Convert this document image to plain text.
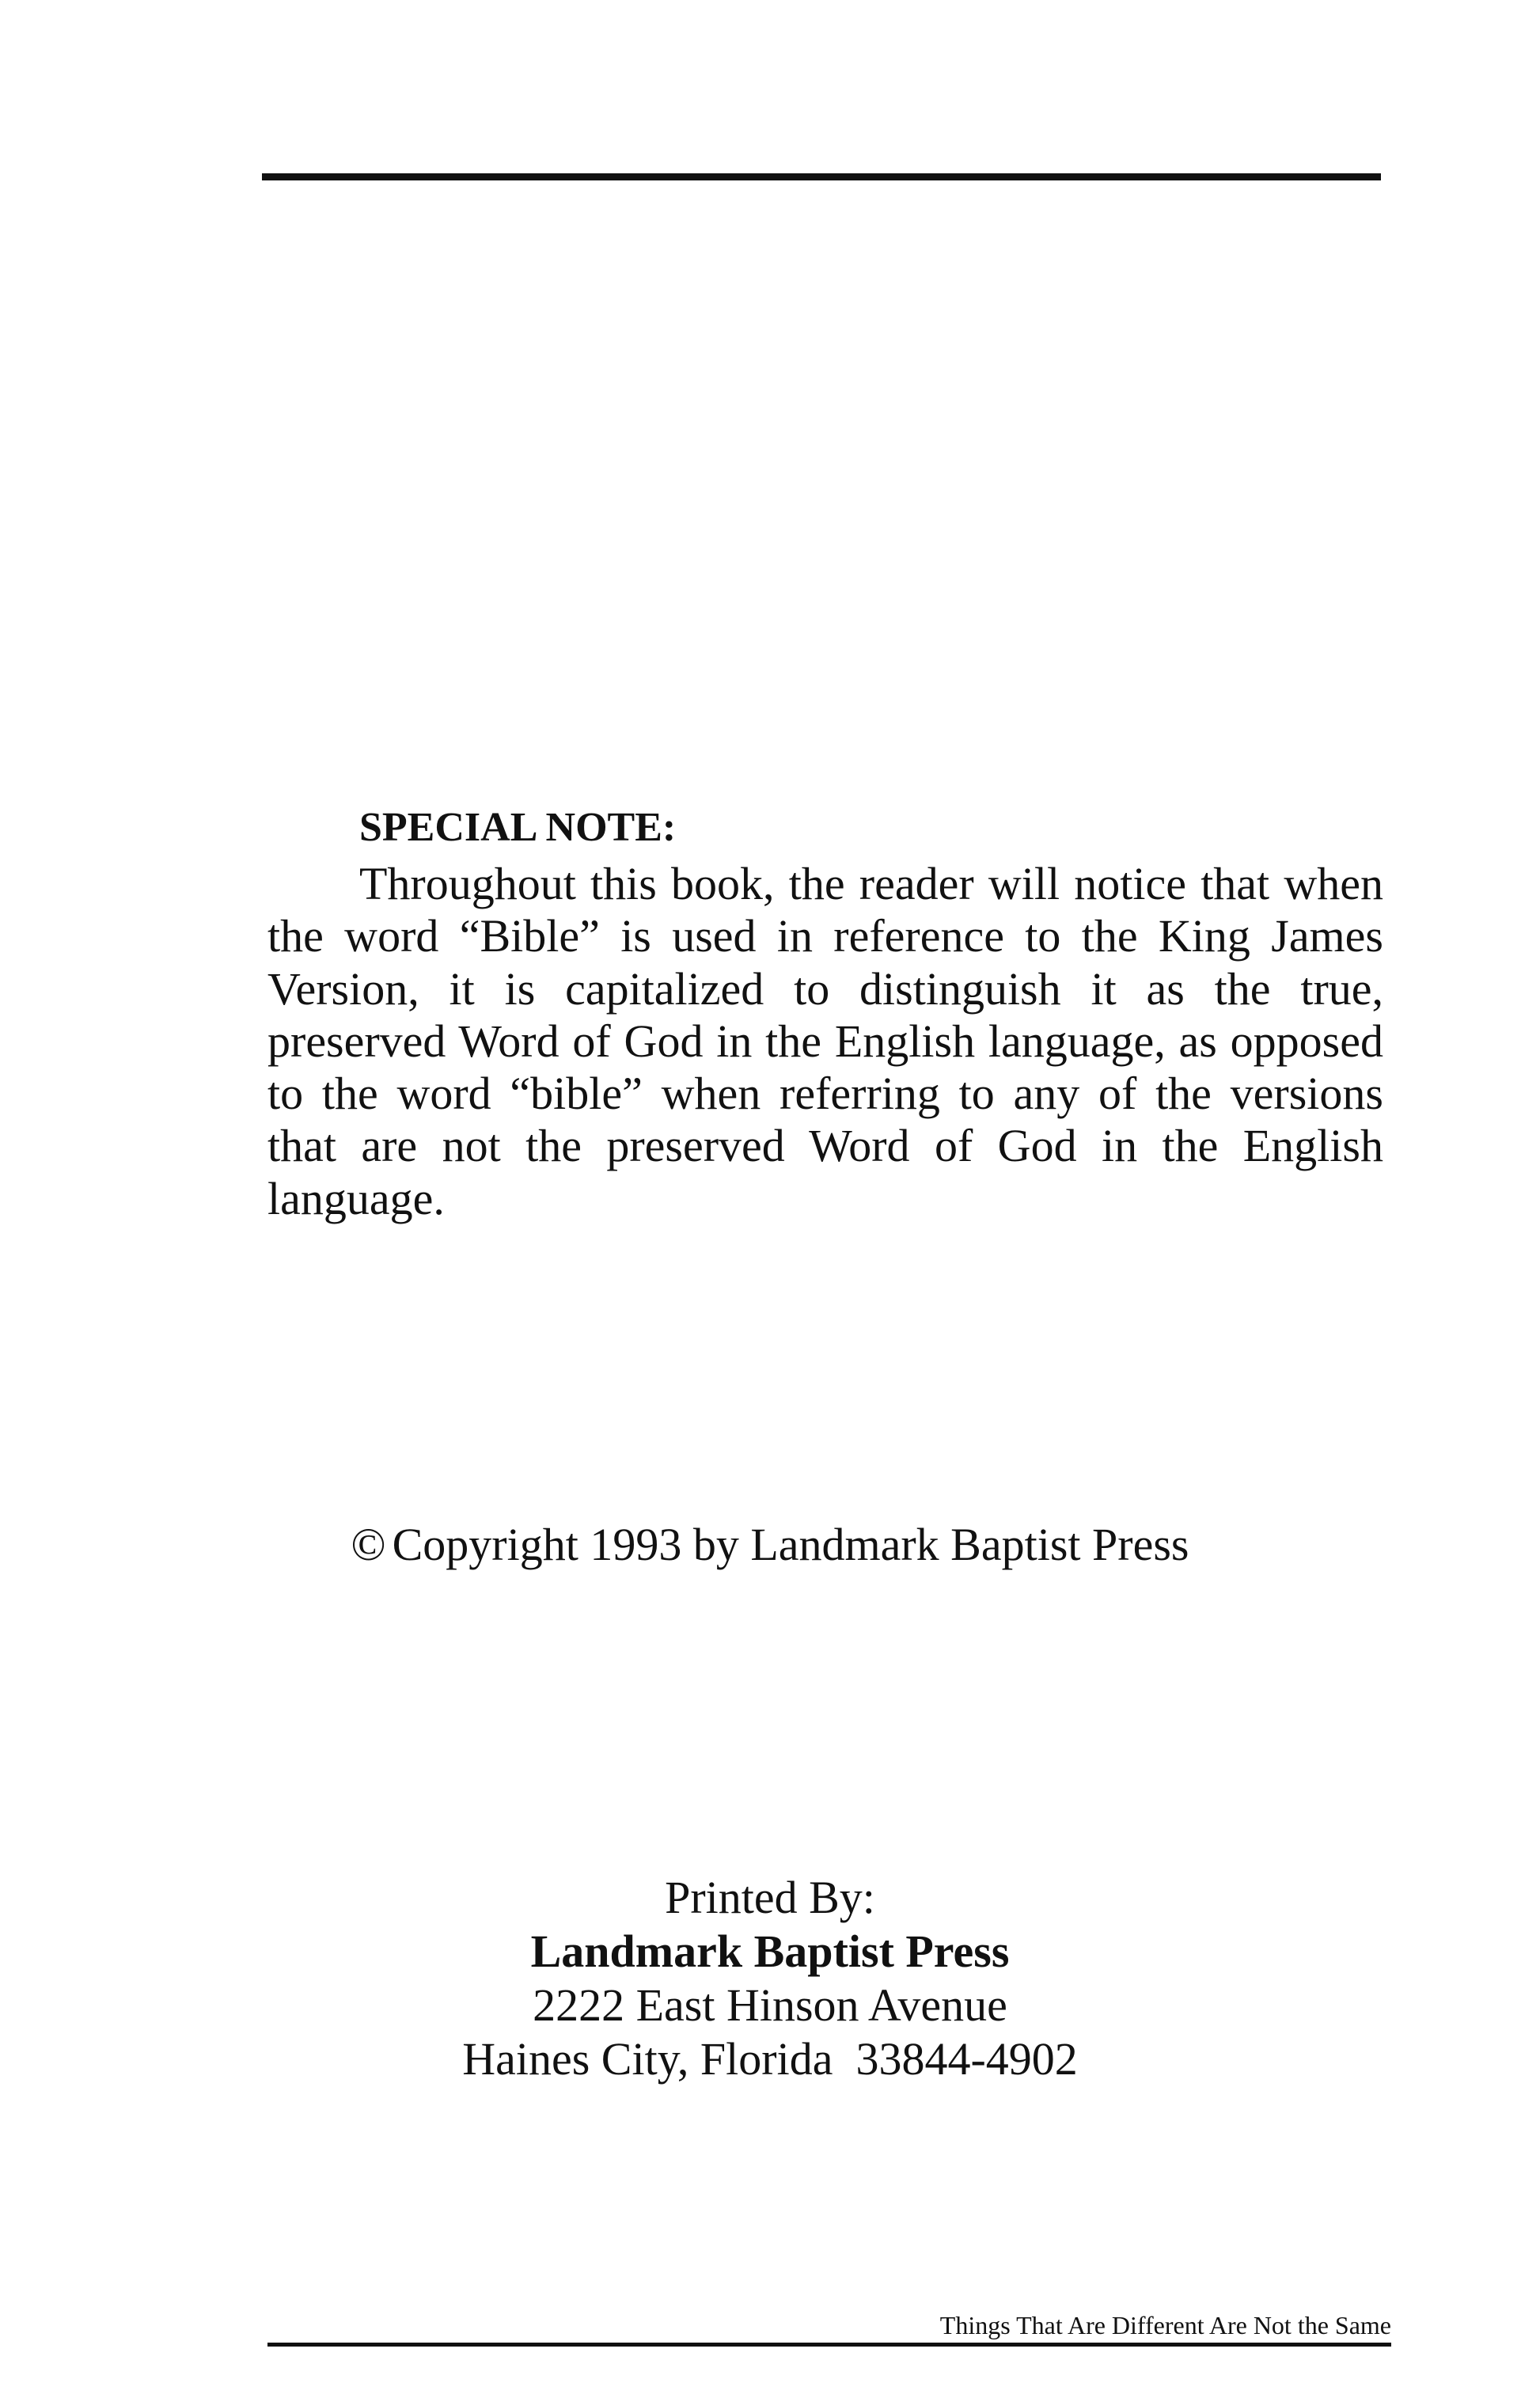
SPECIAL NOTE:

Throughout this book, the reader will notice that when the word “Bible” is used in reference to the King James Version, it is capitalized to distinguish it as the true, preserved Word of God in the English language, as opposed to the word “bible” when referring to any of the versions that are not the preserved Word of God in the English language.

© Copyright 1993 by Landmark Baptist Press
Printed By:
Landmark Baptist Press
2222 East Hinson Avenue
Haines City, Florida  33844-4902
Things That Are Different Are Not the Same
